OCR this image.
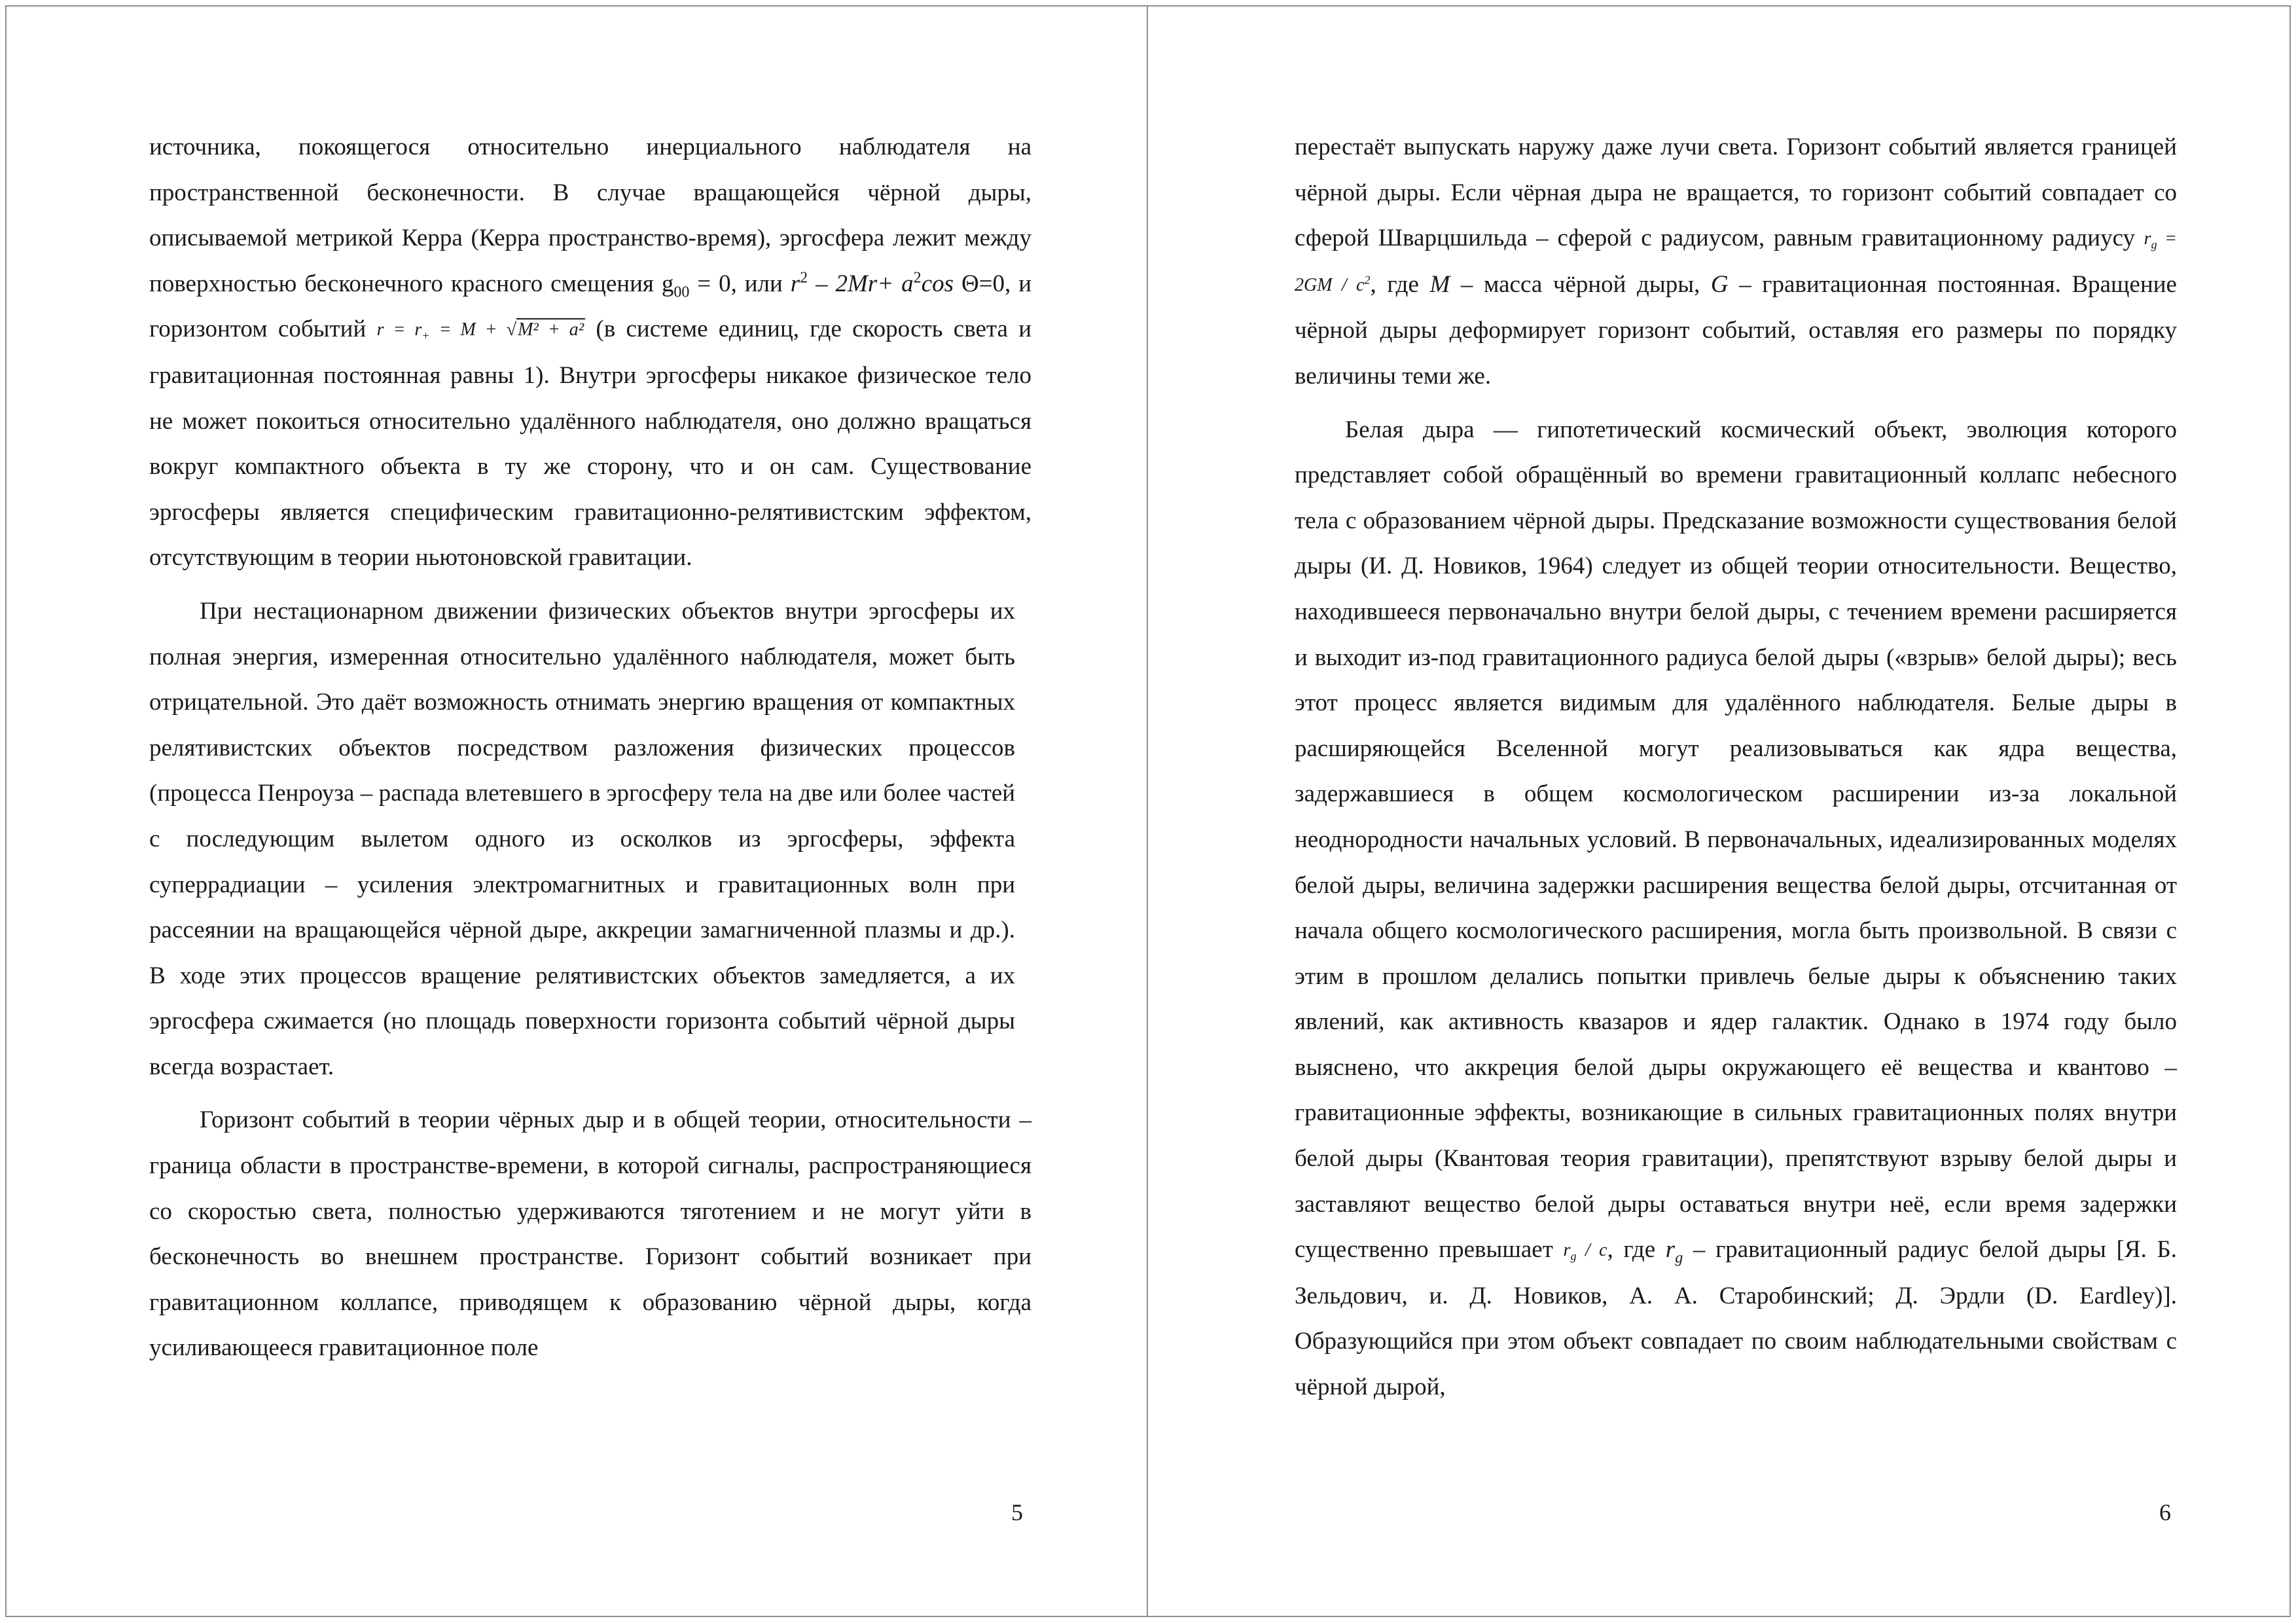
источника, покоящегося относительно инерциального наблюдателя на пространственной бесконечности. В случае вращающейся чёрной дыры, описываемой метрикой Керра (Керра пространство-время), эргосфера лежит между поверхностью бесконечного красного смещения $g_{00} = 0$, или $r^2 - 2Mr+ a^2\cos$ Θ=0, и горизонтом событий $r = r_+ = M + √M^2 + a^2$ (в системе единиц, где скорость света и гравитационная постоянная равны 1). Внутри эргосферы никакое физическое тело не может покоиться относительно удалённого наблюдателя, оно должно вращаться вокруг компактного объекта в ту же сторону, что и он сам. Существование эргосферы является специфическим гравитационно-релятивистским эффектом, отсутствующим в теории ньютоновской гравитации.

При нестационарном движении физических объектов внутри эргосферы их полная энергия, измеренная относительно удалённого наблюдателя, может быть отрицательной. Это даёт возможность отнимать энергию вращения от компактных релятивистских объектов посредством разложения физических процессов (процесса Пенроуза – распада влетевшего в эргосферу тела на две или более частей с последующим вылетом одного из осколков из эргосферы, эффекта суперрадиации – усиления электромагнитных и гравитационных волн при рассеянии на вращающейся чёрной дыре, аккреции замагниченной плазмы и др.). В ходе этих процессов вращение релятивистских объектов замедляется, а их эргосфера сжимается (но площадь поверхности горизонта событий чёрной дыры всегда возрастает.

Горизонт событий в теории чёрных дыр и в общей теории, относительности – граница области в пространстве-времени, в которой сигналы, распространяющиеся со скоростью света, полностью удерживаются тяготением и не могут уйти в бесконечность во внешнем пространстве. Горизонт событий возникает при гравитационном коллапсе, приводящем к образованию чёрной дыры, когда усиливающееся гравитационное поле

5

перестаёт выпускать наружу даже лучи света. Горизонт событий является границей чёрной дыры. Если чёрная дыра не вращается, то горизонт событий совпадает со сферой Шварцшильда – сферой с радиусом, равным гравитационному радиусу $r_g = 2GM / c^2$, где M – масса чёрной дыры, G – гравитационная постоянная. Вращение чёрной дыры деформирует горизонт событий, оставляя его размеры по порядку величины теми же.

Белая дыра — гипотетический космический объект, эволюция которого представляет собой обращённый во времени гравитационный коллапс небесного тела с образованием чёрной дыры. Предсказание возможности существования белой дыры (И. Д. Новиков, 1964) следует из общей теории относительности. Вещество, находившееся первоначально внутри белой дыры, с течением времени расширяется и выходит из-под гравитационного радиуса белой дыры («взрыв» белой дыры); весь этот процесс является видимым для удалённого наблюдателя. Белые дыры в расширяющейся Вселенной могут реализовываться как ядра вещества, задержавшиеся в общем космологическом расширении из-за локальной неоднородности начальных условий. В первоначальных, идеализированных моделях белой дыры, величина задержки расширения вещества белой дыры, отсчитанная от начала общего космологического расширения, могла быть произвольной. В связи с этим в прошлом делались попытки привлечь белые дыры к объяснению таких явлений, как активность квазаров и ядер галактик. Однако в 1974 году было выяснено, что аккреция белой дыры окружающего её вещества и квантово – гравитационные эффекты, возникающие в сильных гравитационных полях внутри белой дыры (Квантовая теория гравитации), препятствуют взрыву белой дыры и заставляют вещество белой дыры оставаться внутри неё, если время задержки существенно превышает $r_g$ / c, где $r_g$ – гравитационный радиус белой дыры [Я. Б. Зельдович, и. Д. Новиков, А. А. Старобинский; Д. Эрдли (D. Eardley)]. Образующийся при этом объект совпадает по своим наблюдательными свойствам с чёрной дырой,

6
